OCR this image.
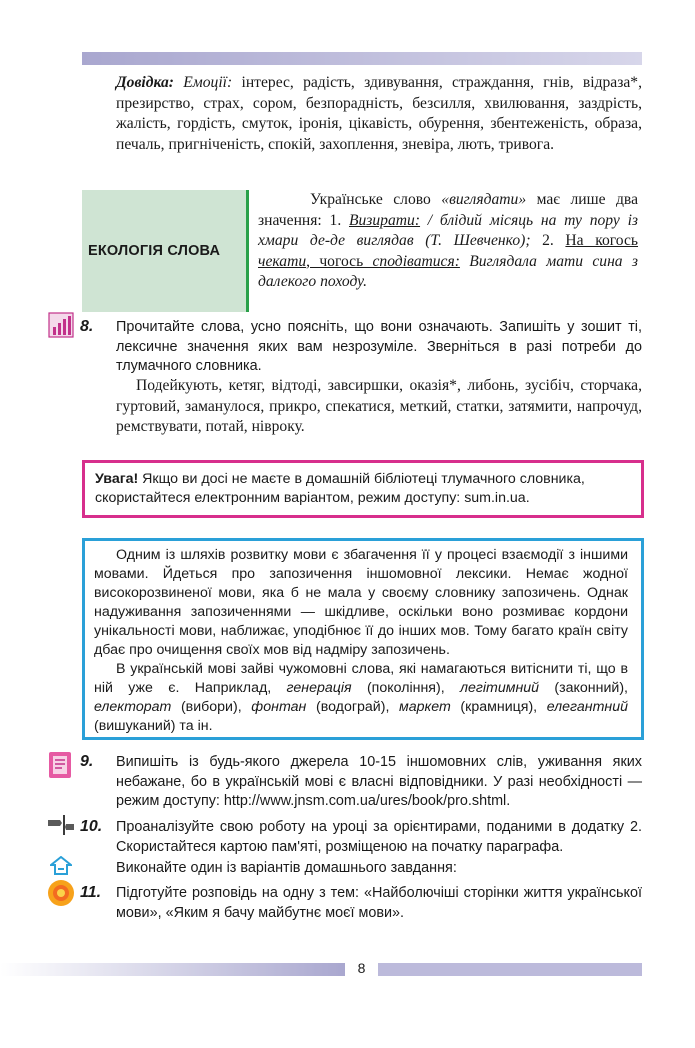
Довідка: Емоції: інтерес, радість, здивування, страждання, гнів, відраза*, презирство, страх, сором, безпорадність, безсилля, хвилювання, заздрість, жалість, гордість, смуток, іронія, цікавість, обурення, збентеженість, образа, печаль, пригніченість, спокій, захоплення, зневіра, лють, тривога.
ЕКОЛОГІЯ СЛОВА
Українське слово «виглядати» має лише два значення: 1. Визирати: / блідий місяць на ту пору із хмари де-де виглядав (Т. Шевченко); 2. На когось чекати, чогось сподіватися: Виглядала мати сина з далекого походу.
8. Прочитайте слова, усно поясніть, що вони означають. Запишіть у зошит ті, лексичне значення яких вам незрозуміле. Зверніться в разі потреби до тлумачного словника.
Подейкують, кетяг, відтоді, завсиршки, оказія*, либонь, зусібіч, сторчака, гуртовий, заманулося, прикро, спекатися, меткий, статки, затямити, напрочуд, ремствувати, потай, нівроку.
Увага! Якщо ви досі не маєте в домашній бібліотеці тлумачного словника, скористайтеся електронним варіантом, режим доступу: sum.in.ua.

Одним із шляхів розвитку мови є збагачення її у процесі взаємодії з іншими мовами. Йдеться про запозичення іншомовної лексики. Немає жодної високорозвиненої мови, яка б не мала у своєму словнику запозичень. Однак надуживання запозиченнями — шкідливе, оскільки воно розмиває кордони унікальності мови, наближає, уподібнює її до інших мов. Тому багато країн світу дбає про очищення своїх мов від надміру запозичень.

В українській мові зайві чужомовні слова, які намагаються витіснити ті, що в ній уже є. Наприклад, генерація (покоління), легітимний (законний), електорат (вибори), фонтан (водограй), маркет (крамниця), елегантний (вишуканий) та ін.

9. Випишіть із будь-якого джерела 10-15 іншомовних слів, уживання яких небажане, бо в українській мові є власні відповідники. У разі необхідності — режим доступу: http://www.jnsm.com.ua/ures/book/pro.shtml.
10. Проаналізуйте свою роботу на уроці за орієнтирами, поданими в додатку 2. Скористайтеся картою пам'яті, розміщеною на початку параграфа.
Виконайте один із варіантів домашнього завдання:
11. Підготуйте розповідь на одну з тем: «Найболючіші сторінки життя української мови», «Яким я бачу майбутнє моєї мови».
8
